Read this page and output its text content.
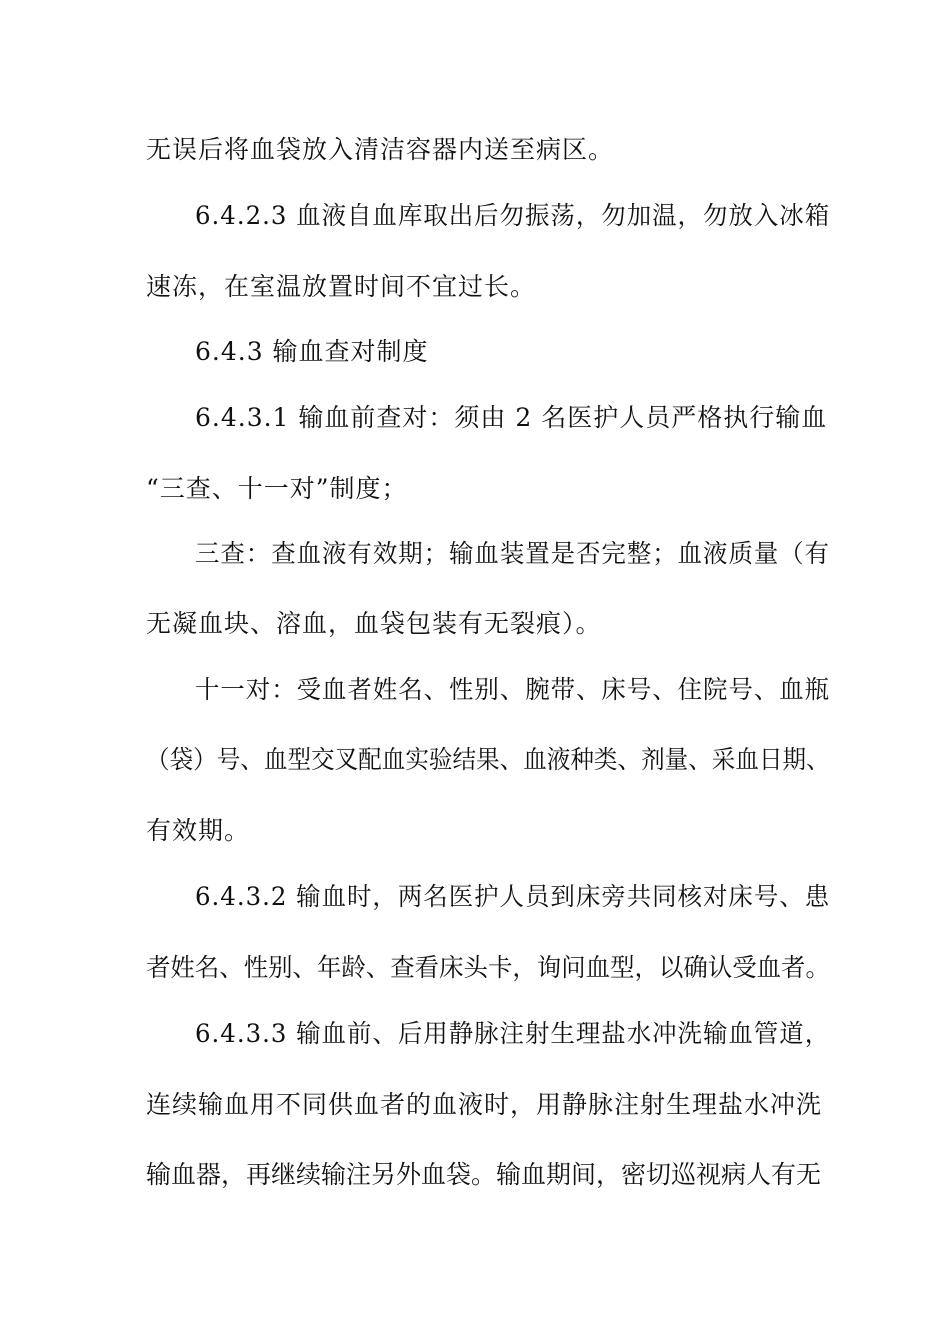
无误后将血袋放入清洁容器内送至病区。
6.4.2.3 血液自血库取出后勿振荡，勿加温，勿放入冰箱
速冻，在室温放置时间不宜过长。
6.4.3 输血查对制度
6.4.3.1 输血前查对：须由 2 名医护人员严格执行输血
“三查、十一对”制度；
三查：查血液有效期；输血装置是否完整；血液质量（有
无凝血块、溶血，血袋包装有无裂痕）。
十一对：受血者姓名、性别、腕带、床号、住院号、血瓶
（袋）号、血型交叉配血实验结果、血液种类、剂量、采血日期、
有效期。
6.4.3.2 输血时，两名医护人员到床旁共同核对床号、患
者姓名、性别、年龄、查看床头卡，询问血型，以确认受血者。
6.4.3.3 输血前、后用静脉注射生理盐水冲洗输血管道，
连续输血用不同供血者的血液时，用静脉注射生理盐水冲洗
输血器，再继续输注另外血袋。输血期间，密切巡视病人有无
